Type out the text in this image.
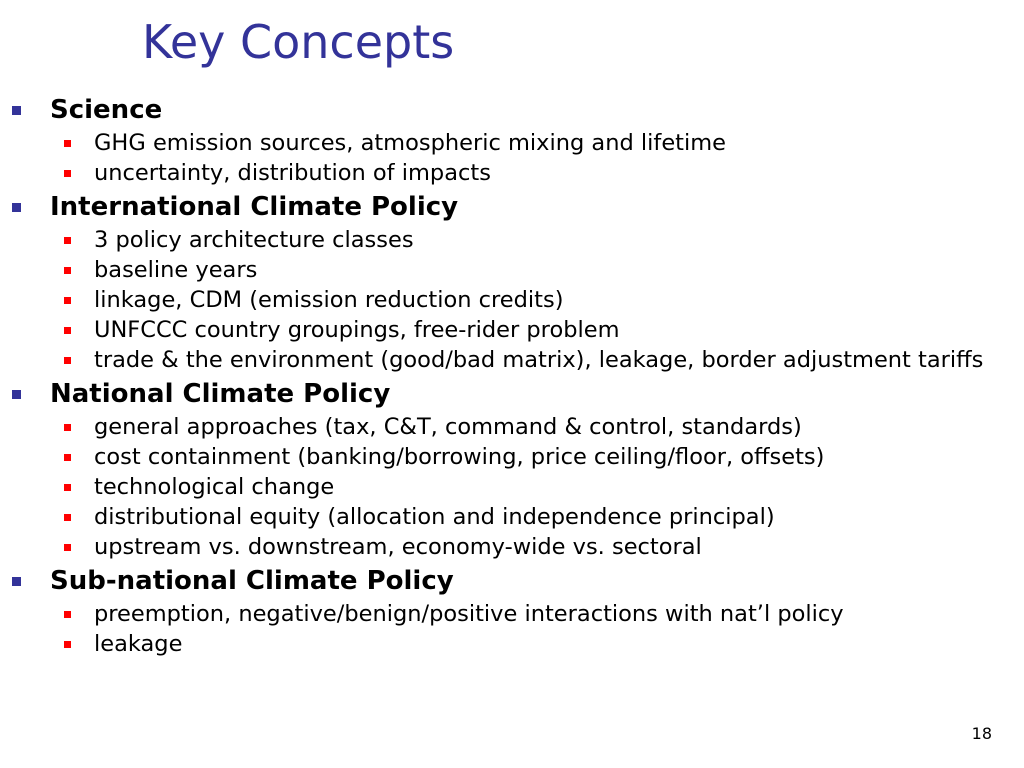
Key Concepts
Science
GHG emission sources, atmospheric mixing and lifetime
uncertainty, distribution of impacts
International Climate Policy
3 policy architecture classes
baseline years
linkage, CDM (emission reduction credits)
UNFCCC country groupings, free-rider problem
trade & the environment (good/bad matrix), leakage, border adjustment tariffs
National Climate Policy
general approaches (tax, C&T, command & control, standards)
cost containment (banking/borrowing, price ceiling/floor, offsets)
technological change
distributional equity (allocation and independence principal)
upstream vs. downstream, economy-wide vs. sectoral
Sub-national Climate Policy
preemption, negative/benign/positive interactions with nat’l policy
leakage
18
